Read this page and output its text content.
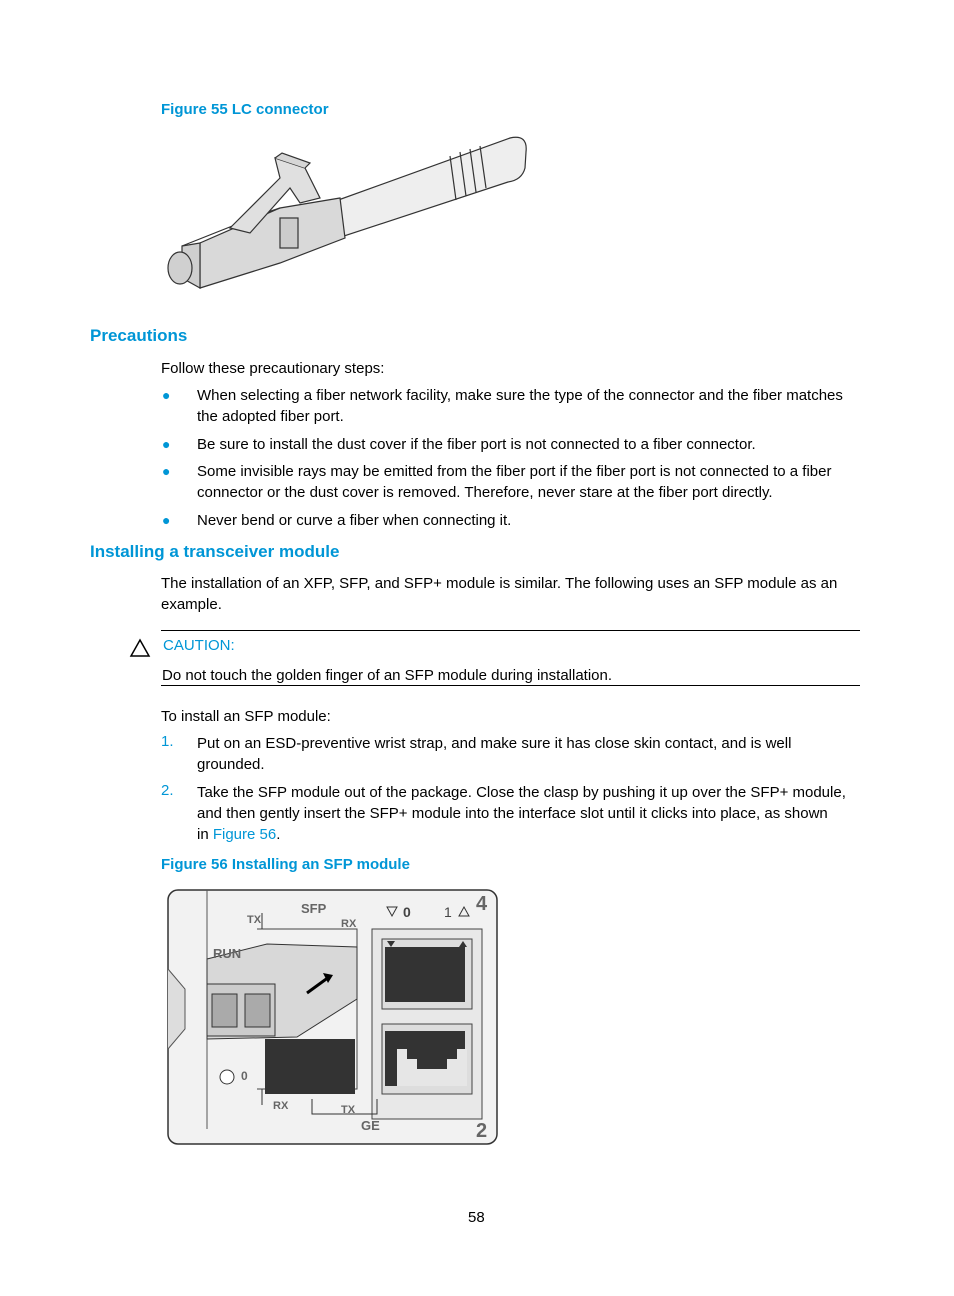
Figure 55 LC connector
Precautions
Follow these precautionary steps:
● When selecting a fiber network facility, make sure the type of the connector and the fiber matches
the adopted fiber port.
● Be sure to install the dust cover if the fiber port is not connected to a fiber connector.
● Some invisible rays may be emitted from the fiber port if the fiber port is not connected to a fiber
connector or the dust cover is removed. Therefore, never stare at the fiber port directly.
● Never bend or curve a fiber when connecting it.
Installing a transceiver module
The installation of an XFP, SFP, and SFP+ module is similar. The following uses an SFP module as an
example.
CAUTION:
Do not touch the golden finger of an SFP module during installation.
To install an SFP module:
1. Put on an ESD-preventive wrist strap, and make sure it has close skin contact, and is well
grounded.
2. Take the SFP module out of the package. Close the clasp by pushing it up over the SFP+ module,
and then gently insert the SFP+ module into the interface slot until it clicks into place, as shown
in Figure 56.
Figure 56 Installing an SFP module
SFP
TX	RX
RUN
0
RX	TX
GE
0 1 4
2
58
